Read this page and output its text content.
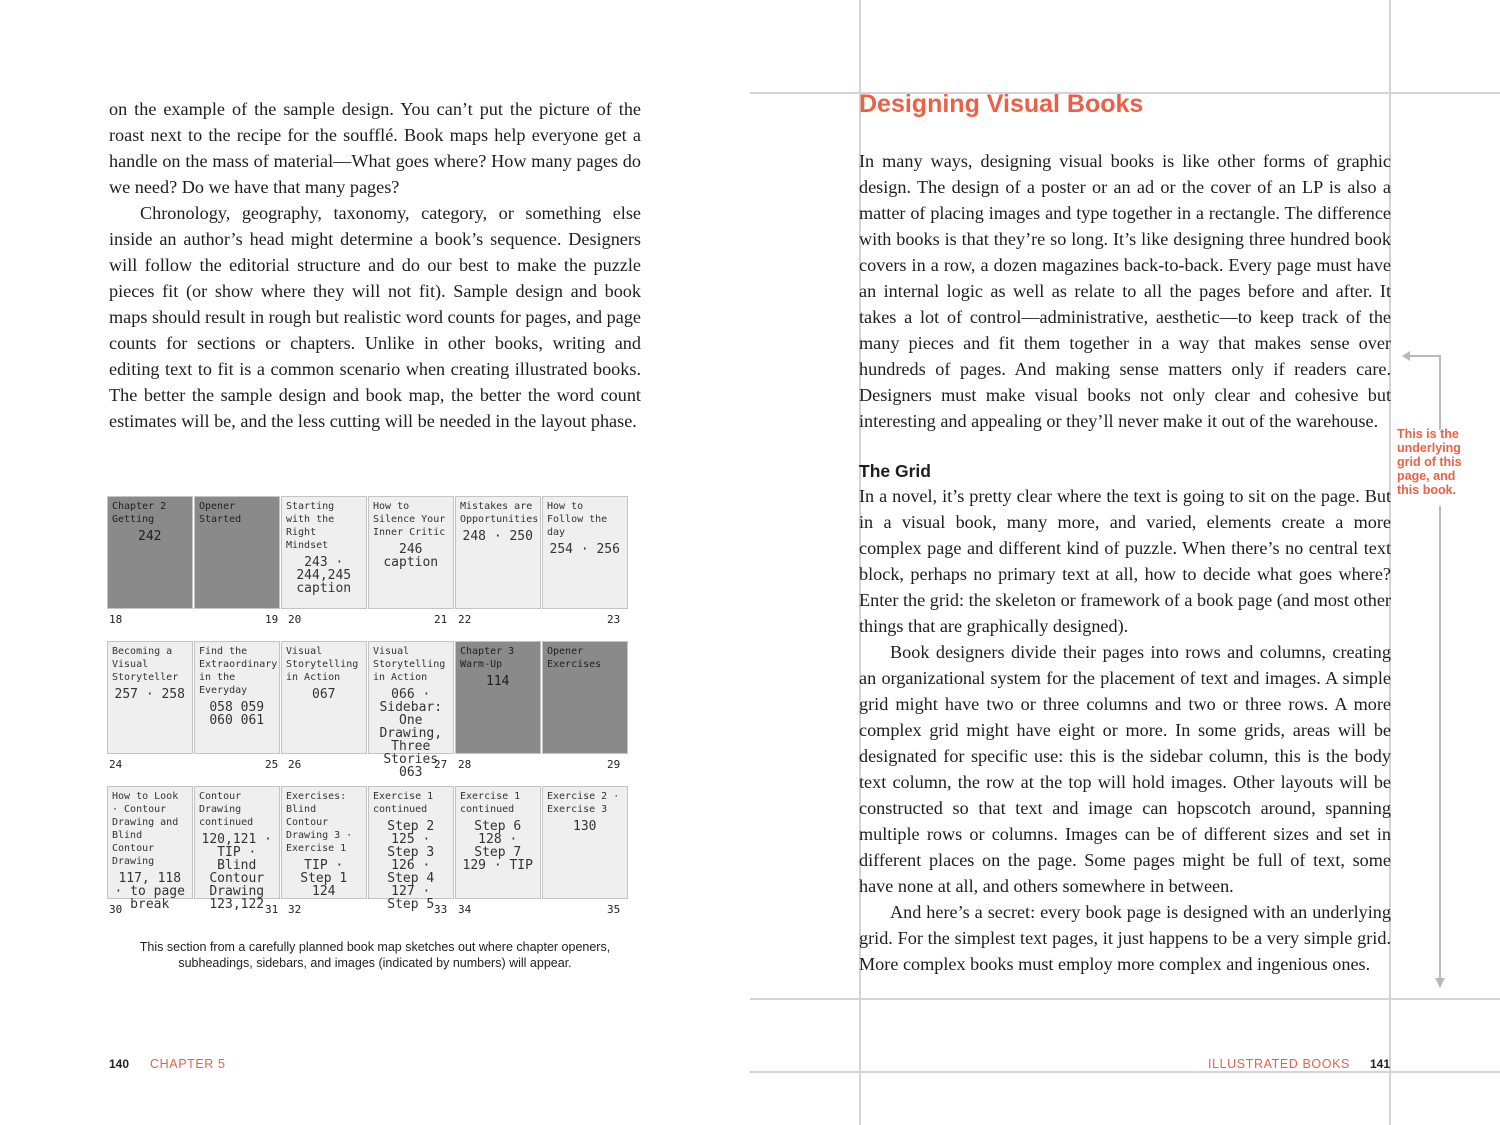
on the example of the sample design. You can’t put the picture of the roast next to the recipe for the soufflé. Book maps help everyone get a handle on the mass of material—What goes where? How many pages do we need? Do we have that many pages?

Chronology, geography, taxonomy, category, or something else inside an author’s head might determine a book’s sequence. Designers will follow the editorial structure and do our best to make the puzzle pieces fit (or show where they will not fit). Sample design and book maps should result in rough but realistic word counts for pages, and page counts for sections or chapters. Unlike in other books, writing and editing text to fit is a common scenario when creating illustrated books. The better the sample design and book map, the better the word count estimates will be, and the less cutting will be needed in the layout phase.

Chapter 2 Getting
242
Opener Started
Starting with the Right Mindset
243 · 244,245 caption
How to Silence Your Inner Critic
246 caption
Mistakes are Opportunities
248 · 250
How to Follow the day
254 · 256
18	19 20	21 22	23
Becoming a Visual Storyteller
257 · 258
Find the Extraordinary in the Everyday
058 059 060 061
Visual Storytelling in Action
067
Visual Storytelling in Action
066 · Sidebar: One Drawing, Three Stories 063
Chapter 3 Warm-Up
114
Opener Exercises
24	25 26	27 28	29
How to Look · Contour Drawing and Blind Contour Drawing
117, 118 · to page break
Contour Drawing continued
120,121 · TIP · Blind Contour Drawing 123,122
Exercises: Blind Contour Drawing 3 · Exercise 1
TIP · Step 1 124
Exercise 1 continued
Step 2 125 · Step 3 126 · Step 4 127 · Step 5
Exercise 1 continued
Step 6 128 · Step 7 129 · TIP
Exercise 2 · Exercise 3
130
30	31 32	33 34	35
This section from a carefully planned book map sketches out where chapter openers, subheadings, sidebars, and images (indicated by numbers) will appear.
140 CHAPTER 5
Designing Visual Books

In many ways, designing visual books is like other forms of graphic design. The design of a poster or an ad or the cover of an LP is also a matter of placing images and type together in a rectangle. The difference with books is that they’re so long. It’s like designing three hundred book covers in a row, a dozen magazines back-to-back. Every page must have an internal logic as well as relate to all the pages before and after. It takes a lot of control—administrative, aesthetic—to keep track of the many pieces and fit them together in a way that makes sense over hundreds of pages. And making sense matters only if readers care. Designers must make visual books not only clear and cohesive but interesting and appealing or they’ll never make it out of the warehouse.

The Grid

In a novel, it’s pretty clear where the text is going to sit on the page. But in a visual book, many more, and varied, elements create a more complex page and different kind of puzzle. When there’s no central text block, perhaps no primary text at all, how to decide what goes where? Enter the grid: the skeleton or framework of a book page (and most other things that are graphically designed).

Book designers divide their pages into rows and columns, creating an organizational system for the placement of text and images. A simple grid might have two or three columns and two or three rows. A more complex grid might have eight or more. In some grids, areas will be designated for specific use: this is the sidebar column, this is the body text column, the row at the top will hold images. Other layouts will be constructed so that text and image can hopscotch around, spanning multiple rows or columns. Images can be of different sizes and set in different places on the page. Some pages might be full of text, some have none at all, and others somewhere in between.

And here’s a secret: every book page is designed with an underlying grid. For the simplest text pages, it just happens to be a very simple grid. More complex books must employ more complex and ingenious ones.

This is the underlying grid of this page, and this book.
ILLUSTRATED BOOKS 141
